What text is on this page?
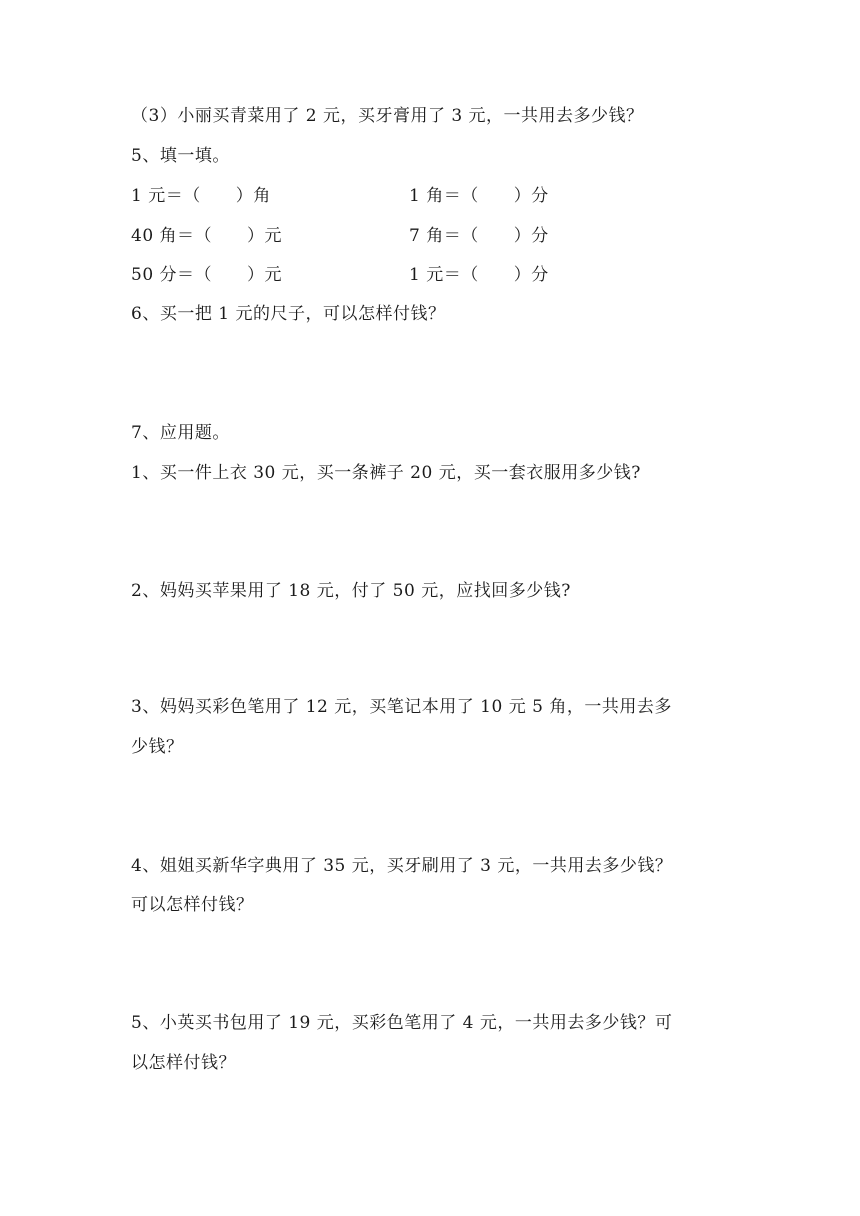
（3）小丽买青菜用了 2 元，买牙膏用了 3 元，一共用去多少钱？
5、填一填。
1 元＝（　　）角	1 角＝（　　）分
40 角＝（　　）元	7 角＝（　　）分
50 分＝（　　）元	1 元＝（　　）分
6、买一把 1 元的尺子，可以怎样付钱？
7、应用题。
1、买一件上衣 30 元，买一条裤子 20 元，买一套衣服用多少钱?
2、妈妈买苹果用了 18 元，付了 50 元，应找回多少钱?
3、妈妈买彩色笔用了 12 元，买笔记本用了 10 元 5 角，一共用去多
少钱？
4、姐姐买新华字典用了 35 元，买牙刷用了 3 元，一共用去多少钱？
可以怎样付钱？
5、小英买书包用了 19 元，买彩色笔用了 4 元，一共用去多少钱？可
以怎样付钱？
